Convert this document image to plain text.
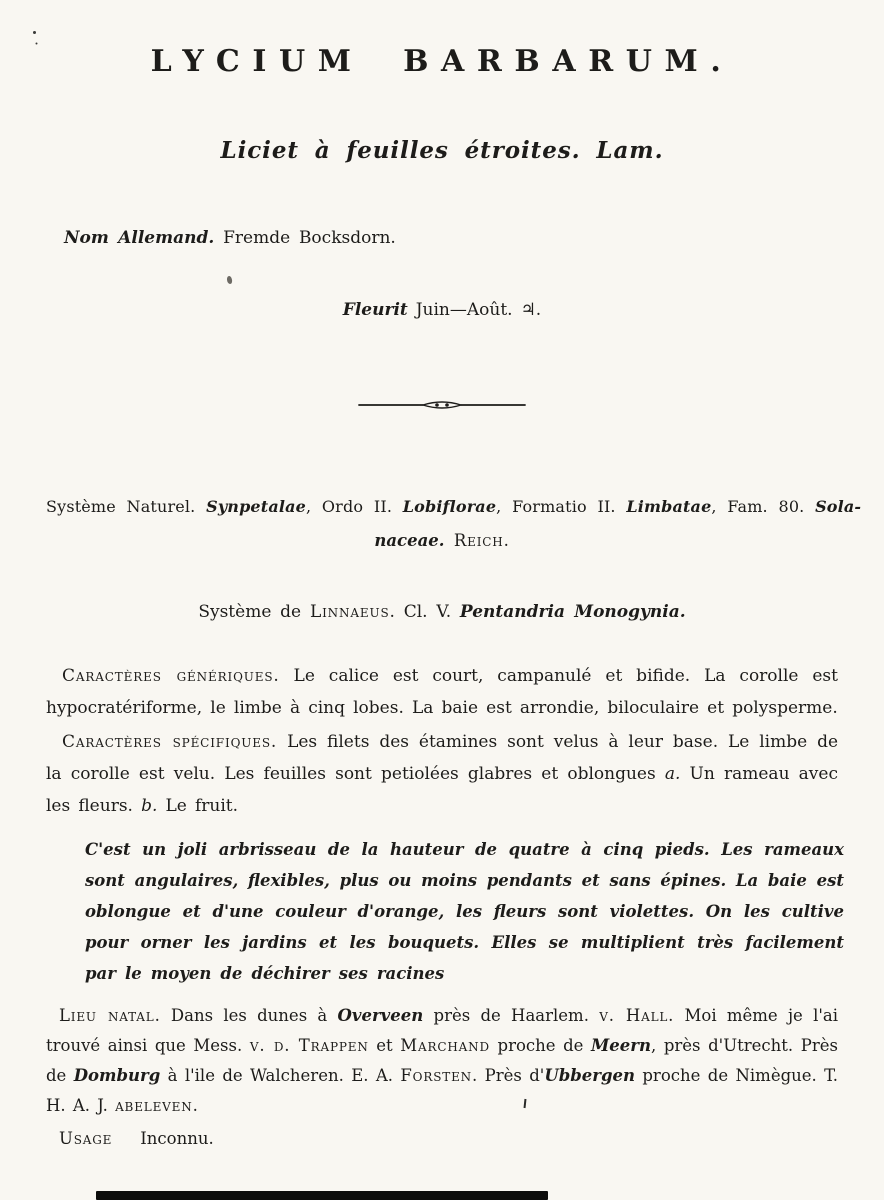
LYCIUM BARBARUM.
Liciet à feuilles étroites. Lam.

Nom Allemand. Fremde Bocksdorn.

Fleurit Juin—Août. ♃.

Système Naturel. Synpetalae, Ordo II. Lobiflorae, Formatio II. Limbatae, Fam. 80. Sola-

naceae. Reich.

Système de Linnaeus. Cl. V. Pentandria Monogynia.

Caractères génériques. Le calice est court, campanulé et bifide. La corolle est hypocratériforme, le limbe à cinq lobes. La baie est arrondie, biloculaire et polysperme.

Caractères spécifiques. Les filets des étamines sont velus à leur base. Le limbe de la corolle est velu. Les feuilles sont petiolées glabres et oblongues a. Un rameau avec les fleurs. b. Le fruit.

C'est un joli arbrisseau de la hauteur de quatre à cinq pieds. Les rameaux sont angulaires, flexibles, plus ou moins pendants et sans épines. La baie est oblongue et d'une couleur d'orange, les fleurs sont violettes. On les cultive pour orner les jardins et les bouquets. Elles se multiplient très facilement par le moyen de déchirer ses racines

Lieu natal. Dans les dunes à Overveen près de Haarlem. v. Hall. Moi même je l'ai trouvé ainsi que Mess. v. d. Trappen et Marchand proche de Meern, près d'Utrecht. Près de Domburg à l'ile de Walcheren. E. A. Forsten. Près d'Ubbergen proche de Nimègue. T. H. A. J. abeleven.

Usage Inconnu.
